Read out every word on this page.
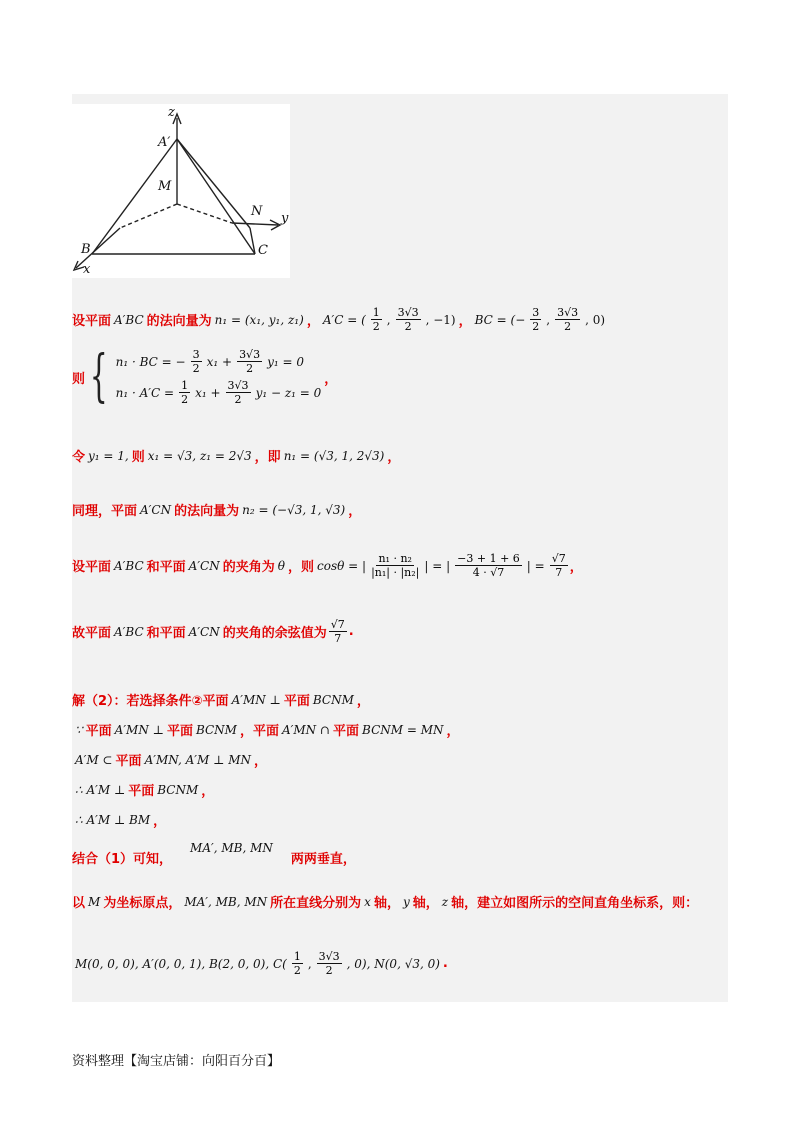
z
A′
M
N y
B	C
x
设平面 A′BC 的法向量为 n₁ = (x₁, y₁, z₁) ， A′C = ( $\frac{1}{2}$ , $\frac{3√3}{2}$ , −1) ， BC = (− $\frac{3}{2}$ , $\frac{3√3}{2}$ , 0)
则 { n₁ · BC = − $\frac{3}{2} x_1 + \frac{3√3}{2} y_1 = 0$
$n_1 \cdot A'C = \frac{1}{2} x_1 + \frac{3√3}{2} y_1 - z_1 = 0$
，
令 y₁ = 1, 则 x₁ = √3, z₁ = 2√3 ，即 n₁ = (√3, 1, 2√3) ，
同理，平面 A′CN 的法向量为 n₂ = (−√3, 1, √3) ，
设平面 A′BC 和平面 A′CN 的夹角为 θ ，则 cosθ = | $\frac{\text{n₁ · n₂}}{\text{|n₁| · |n₂|}}$ | = | $\frac{-3 + 1 + 6}{4 \cdot √7}$ | = $\frac{√7}{7}$ ，
故平面 A′BC 和平面 A′CN 的夹角的余弦值为 $\frac{√7}{7}$ .
解（2）：若选择条件②平面 A′MN ⊥ 平面 BCNM ，
∵ 平面 A′MN ⊥ 平面 BCNM ，平面 A′MN ∩ 平面 BCNM = MN ，
A′M ⊂ 平面 A′MN, A′M ⊥ MN ，
∴ A′M ⊥ 平面 BCNM ，
∴ A′M ⊥ BM ，
结合（1）可知，
MA′, MB, MN
两两垂直，
以 M 为坐标原点， MA′, MB, MN 所在直线分别为 x 轴， y 轴， z 轴，建立如图所示的空间直角坐标系，则：
M(0, 0, 0), A′(0, 0, 1), B(2, 0, 0), $C( \frac{1}{2}$ , $\frac{3√3}{2}$ , 0), N(0, √3, 0) .
资料整理【淘宝店铺：向阳百分百】
